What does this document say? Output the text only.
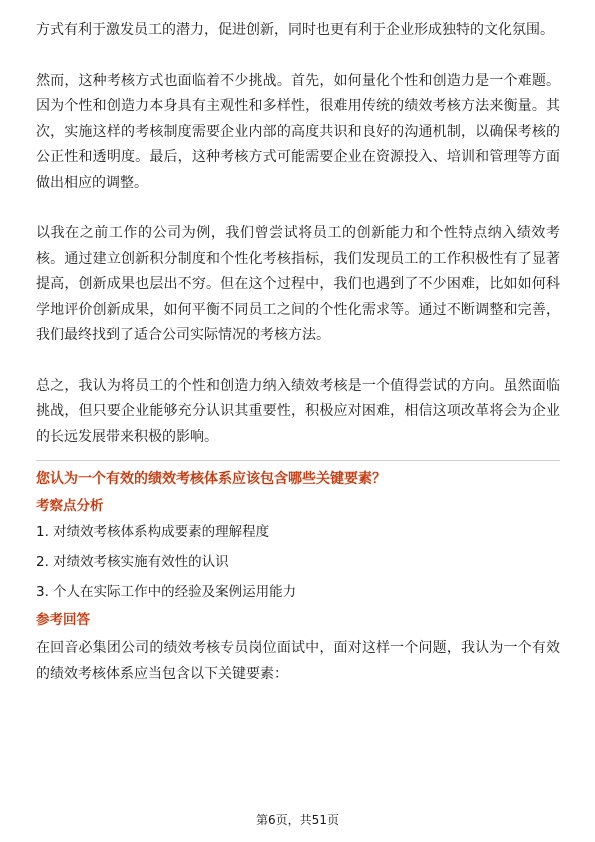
方式有利于激发员工的潜力，促进创新，同时也更有利于企业形成独特的文化氛围。

然而，这种考核方式也面临着不少挑战。首先，如何量化个性和创造力是一个难题。因为个性和创造力本身具有主观性和多样性，很难用传统的绩效考核方法来衡量。其次，实施这样的考核制度需要企业内部的高度共识和良好的沟通机制，以确保考核的公正性和透明度。最后，这种考核方式可能需要企业在资源投入、培训和管理等方面做出相应的调整。

以我在之前工作的公司为例，我们曾尝试将员工的创新能力和个性特点纳入绩效考核。通过建立创新积分制度和个性化考核指标，我们发现员工的工作积极性有了显著提高，创新成果也层出不穷。但在这个过程中，我们也遇到了不少困难，比如如何科学地评价创新成果，如何平衡不同员工之间的个性化需求等。通过不断调整和完善，我们最终找到了适合公司实际情况的考核方法。

总之，我认为将员工的个性和创造力纳入绩效考核是一个值得尝试的方向。虽然面临挑战，但只要企业能够充分认识其重要性，积极应对困难，相信这项改革将会为企业的长远发展带来积极的影响。

您认为一个有效的绩效考核体系应该包含哪些关键要素？

考察点分析

1. 对绩效考核体系构成要素的理解程度

2. 对绩效考核实施有效性的认识

3. 个人在实际工作中的经验及案例运用能力

参考回答

在回音必集团公司的绩效考核专员岗位面试中，面对这样一个问题，我认为一个有效的绩效考核体系应当包含以下关键要素：

第6页，共51页
